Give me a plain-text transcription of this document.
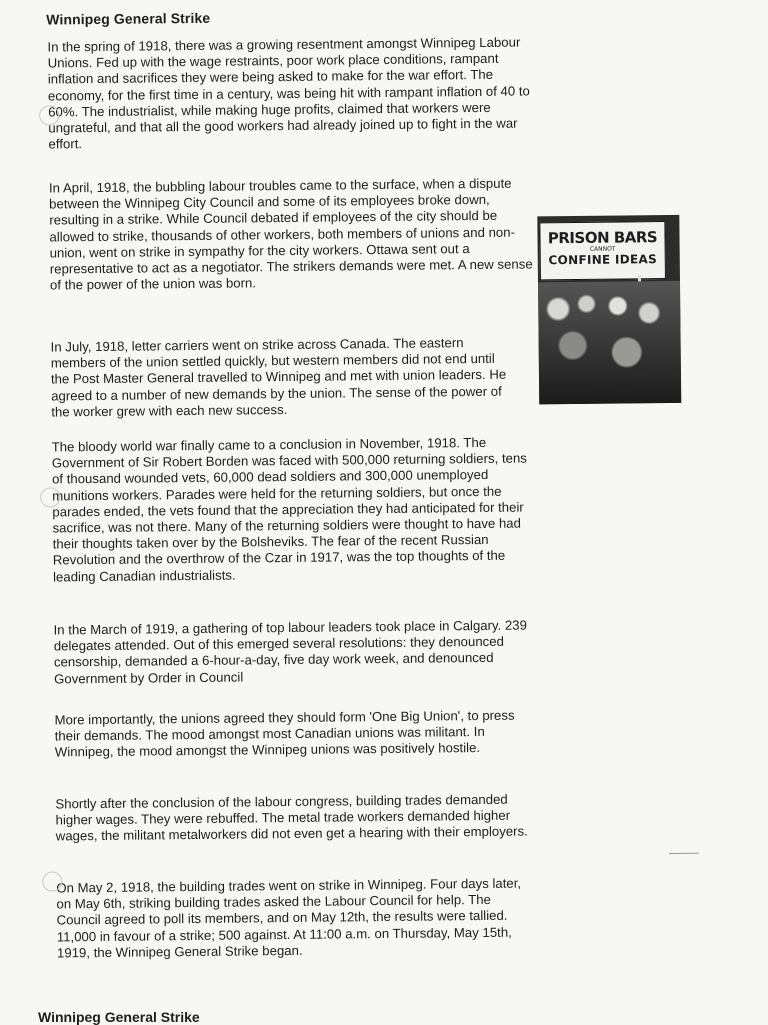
Winnipeg General Strike
In the spring of 1918, there was a growing resentment amongst Winnipeg Labour Unions. Fed up with the wage restraints, poor work place conditions, rampant inflation and sacrifices they were being asked to make for the war effort. The economy, for the first time in a century, was being hit with rampant inflation of 40 to 60%. The industrialist, while making huge profits, claimed that workers were ungrateful, and that all the good workers had already joined up to fight in the war effort.
In April, 1918, the bubbling labour troubles came to the surface, when a dispute between the Winnipeg City Council and some of its employees broke down, resulting in a strike. While Council debated if employees of the city should be allowed to strike, thousands of other workers, both members of unions and non-union, went on strike in sympathy for the city workers. Ottawa sent out a representative to act as a negotiator. The strikers demands were met. A new sense of the power of the union was born.
In July, 1918, letter carriers went on strike across Canada. The eastern members of the union settled quickly, but western members did not end until the Post Master General travelled to Winnipeg and met with union leaders. He agreed to a number of new demands by the union. The sense of the power of the worker grew with each new success.
The bloody world war finally came to a conclusion in November, 1918. The Government of Sir Robert Borden was faced with 500,000 returning soldiers, tens of thousand wounded vets, 60,000 dead soldiers and 300,000 unemployed munitions workers. Parades were held for the returning soldiers, but once the parades ended, the vets found that the appreciation they had anticipated for their sacrifice, was not there. Many of the returning soldiers were thought to have had their thoughts taken over by the Bolsheviks. The fear of the recent Russian Revolution and the overthrow of the Czar in 1917, was the top thoughts of the leading Canadian industrialists.
In the March of 1919, a gathering of top labour leaders took place in Calgary. 239 delegates attended. Out of this emerged several resolutions: they denounced censorship, demanded a 6-hour-a-day, five day work week, and denounced Government by Order in Council
More importantly, the unions agreed they should form 'One Big Union', to press their demands. The mood amongst most Canadian unions was militant. In Winnipeg, the mood amongst the Winnipeg unions was positively hostile.
Shortly after the conclusion of the labour congress, building trades demanded higher wages. They were rebuffed. The metal trade workers demanded higher wages, the militant metalworkers did not even get a hearing with their employers.
On May 2, 1918, the building trades went on strike in Winnipeg. Four days later, on May 6th, striking building trades asked the Labour Council for help. The Council agreed to poll its members, and on May 12th, the results were tallied. 11,000 in favour of a strike; 500 against. At 11:00 a.m. on Thursday, May 15th, 1919, the Winnipeg General Strike began.
PRISON BARS
CANNOT
CONFINE IDEAS
Winnipeg General Strike
